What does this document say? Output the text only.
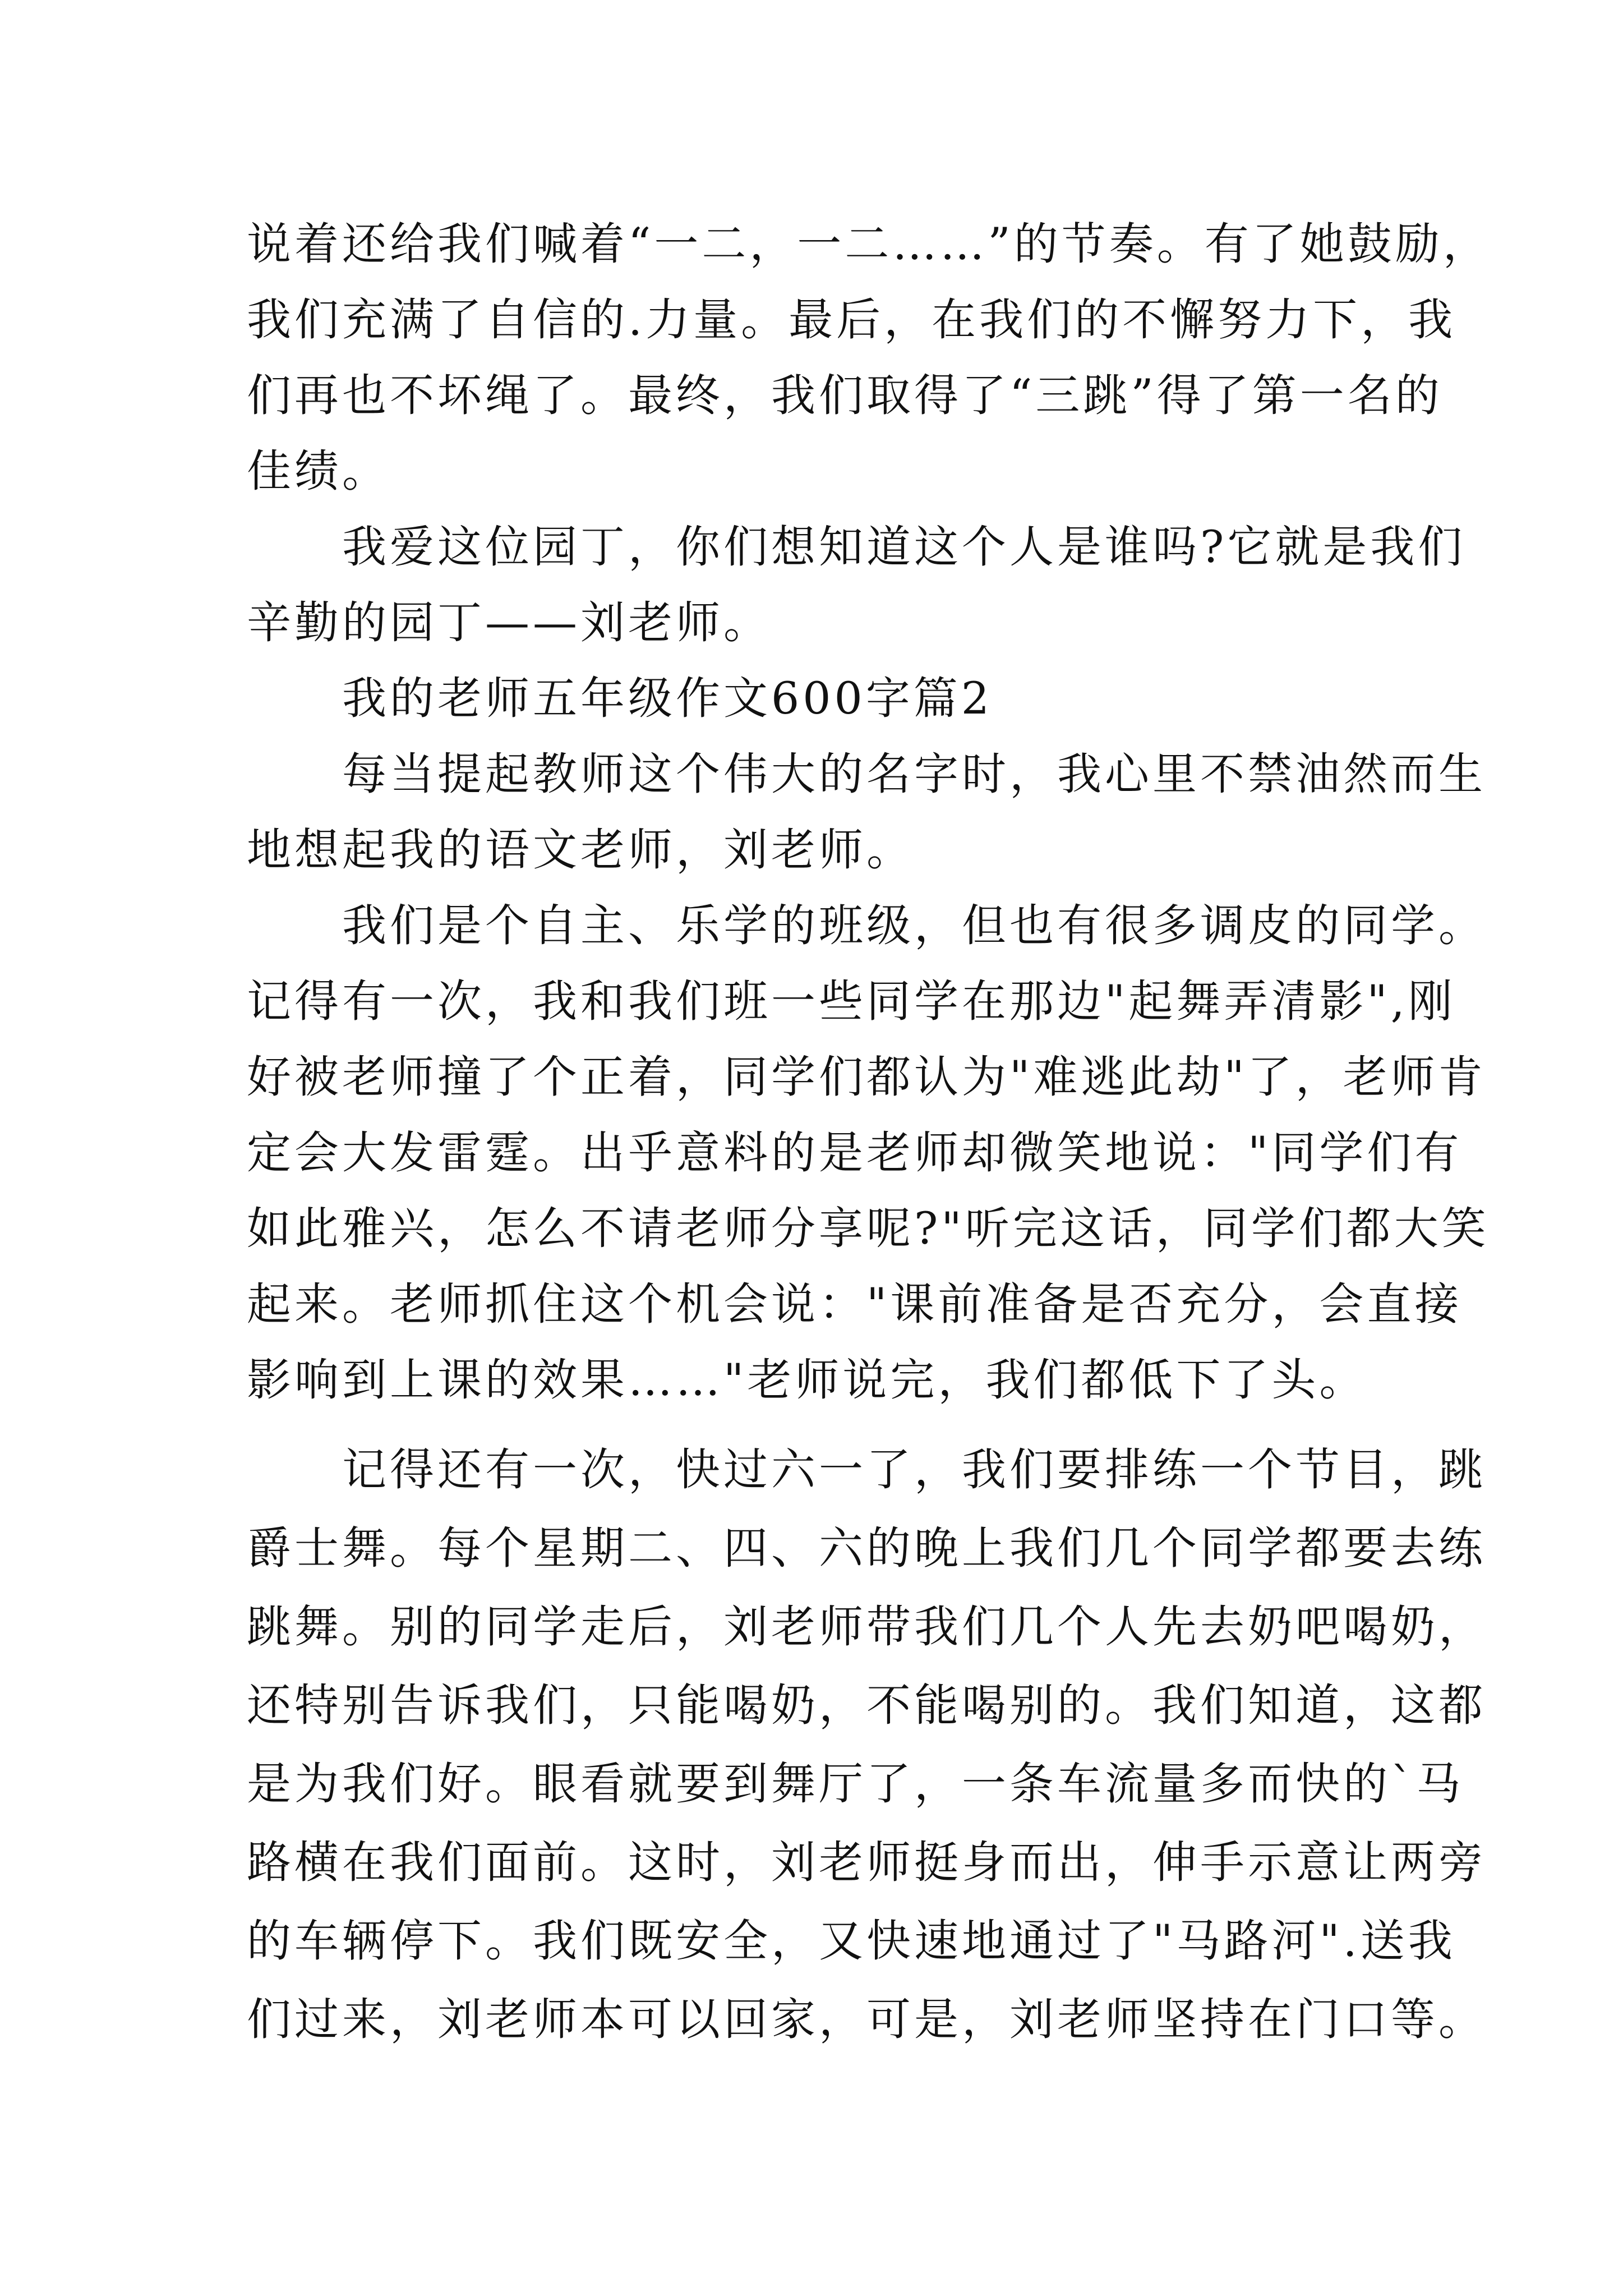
说着还给我们喊着“一二，一二……”的节奏。有了她鼓励，
我们充满了自信的.力量。最后，在我们的不懈努力下，我
们再也不坏绳了。最终，我们取得了“三跳”得了第一名的
佳绩。
我爱这位园丁，你们想知道这个人是谁吗?它就是我们
辛勤的园丁——刘老师。
我的老师五年级作文600字篇2
每当提起教师这个伟大的名字时，我心里不禁油然而生
地想起我的语文老师，刘老师。
我们是个自主、乐学的班级，但也有很多调皮的同学。
记得有一次，我和我们班一些同学在那边"起舞弄清影",刚
好被老师撞了个正着，同学们都认为"难逃此劫"了，老师肯
定会大发雷霆。出乎意料的是老师却微笑地说："同学们有
如此雅兴，怎么不请老师分享呢?"听完这话，同学们都大笑
起来。老师抓住这个机会说："课前准备是否充分，会直接
影响到上课的效果……"老师说完，我们都低下了头。
记得还有一次，快过六一了，我们要排练一个节目，跳
爵士舞。每个星期二、四、六的晚上我们几个同学都要去练
跳舞。别的同学走后，刘老师带我们几个人先去奶吧喝奶，
还特别告诉我们，只能喝奶，不能喝别的。我们知道，这都
是为我们好。眼看就要到舞厅了，一条车流量多而快的`马
路横在我们面前。这时，刘老师挺身而出，伸手示意让两旁
的车辆停下。我们既安全，又快速地通过了"马路河".送我
们过来，刘老师本可以回家，可是，刘老师坚持在门口等。
